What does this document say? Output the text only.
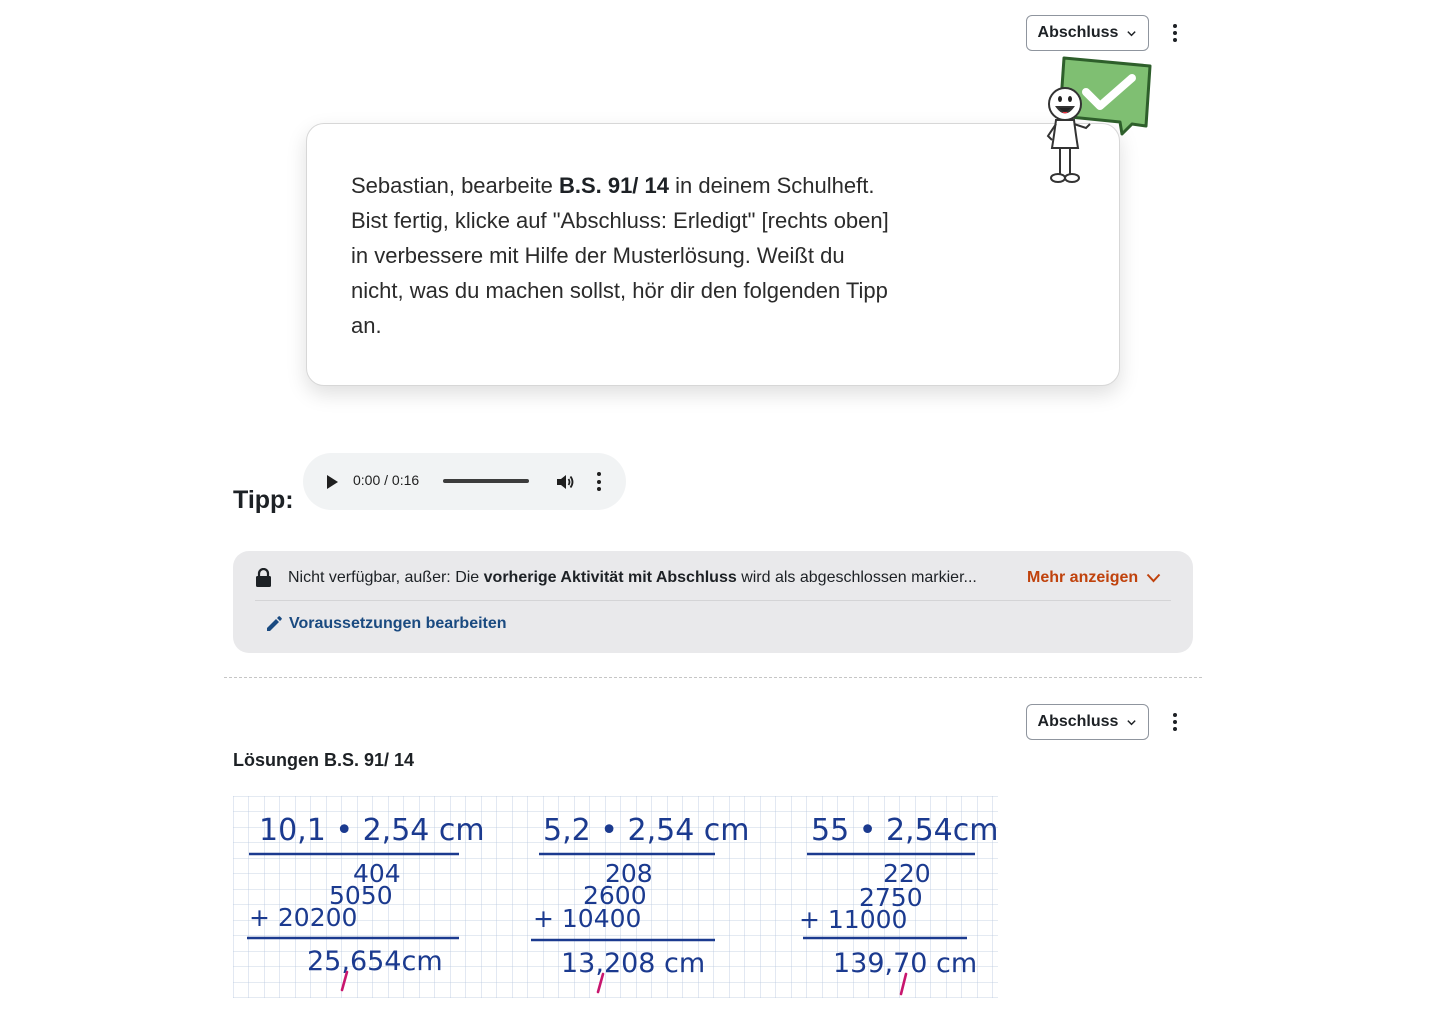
Abschluss
Sebastian, bearbeite B.S. 91/ 14 in deinem Schulheft.
Bist fertig, klicke auf "Abschluss: Erledigt" [rechts oben]
in verbessere mit Hilfe der Musterlösung. Weißt du
nicht, was du machen sollst, hör dir den folgenden Tipp
an.
Tipp:
0:00 / 0:16
Nicht verfügbar, außer: Die vorherige Aktivität mit Abschluss wird als abgeschlossen markier...	Mehr anzeigen
Voraussetzungen bearbeiten
Abschluss
Lösungen B.S. 91/ 14
10,1 • 2,54 cm
404
5050
+ 20200
25,654cm
5,2 • 2,54 cm
208
2600
+ 10400
13,208 cm
55 • 2,54cm
220
2750
+ 11000
139,70 cm
